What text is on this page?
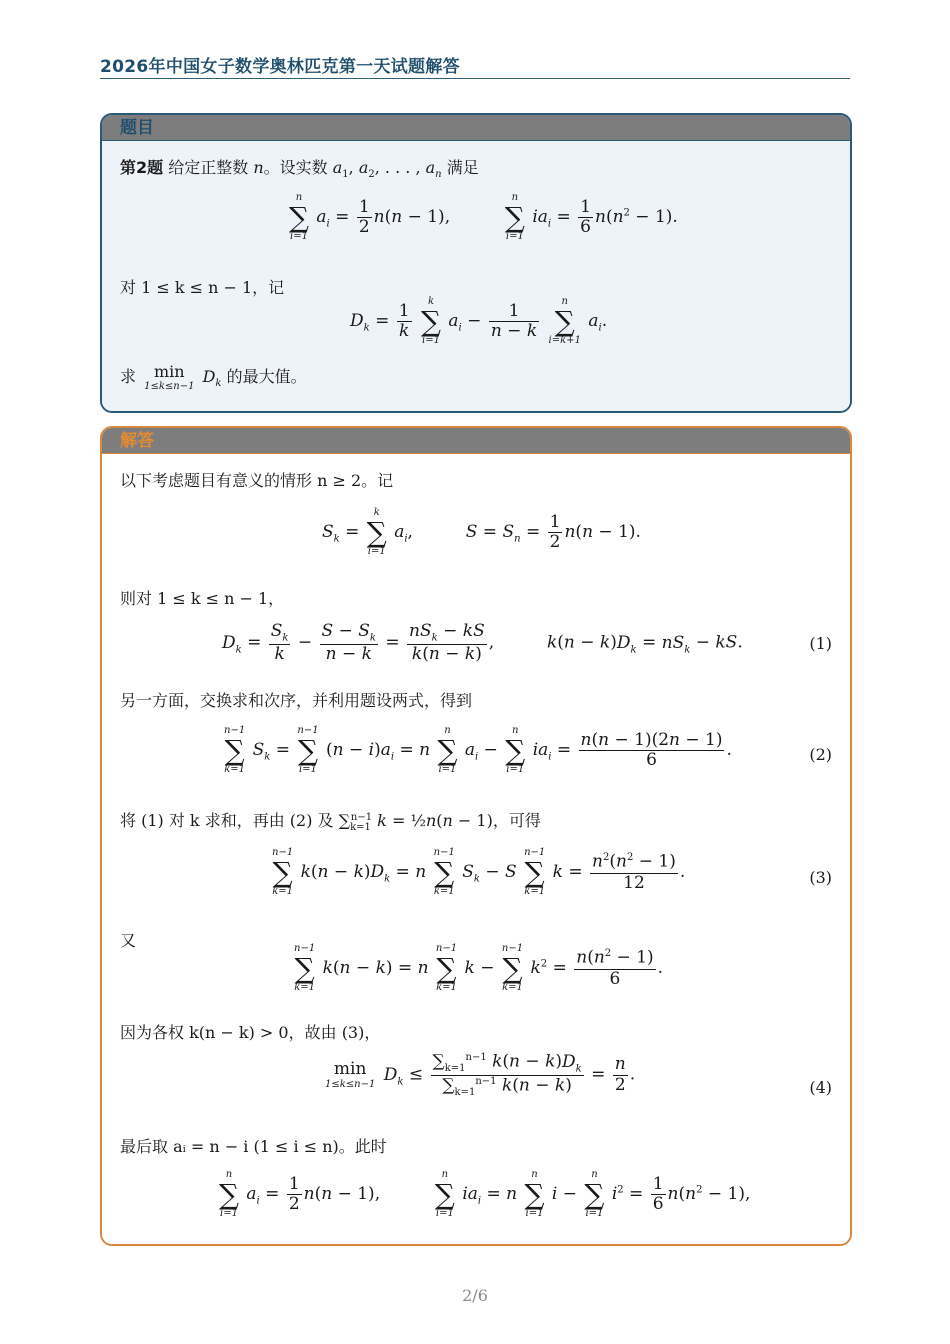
2026年中国女子数学奥林匹克第一天试题解答
题目
第2题 给定正整数 n。设实数 $a_1$, $a_2$, . . . , $a_n$ 满足
n
∑
i=1
$a_i = \frac{1}{2} n(n - 1)$,
n
∑
i=1
$ia_i = \frac{1}{6} n(n^2 - 1)$.
对 1 ≤ k ≤ n − 1，记
$D_k = \frac{1}{k}$

k
∑
i=1
$a_i - \frac{1}{n - k}$

n
∑
i=k+1
$a_i$.
求	min
1≤k≤n−1
$D_k$ 的最大值。
解答
以下考虑题目有意义的情形 n ≥ 2。记
$S_k$ =
k
∑
i=1
$a_i$,	$S = S_n = \frac{1}{2} n(n - 1)$.
则对 1 ≤ k ≤ n − 1，
$D_k = \frac{S_k}{k} - \frac{S - S_k}{n - k} = \frac{nS_k - kS}{k(n - k)}$ ,	$k(n - k)D_k = nS_k$ − kS.	(1)
另一方面，交换求和次序，并利用题设两式，得到
n−1
∑
k=1
$S_k$ =
n−1
∑
i=1
$(n - i)a_i = n$
n
∑
i=1
$a_i$ −
n
∑
i=1
$ia_i = \frac{n(n - 1)(2n - 1)}{6}$ .	(2)
将 (1) 对 k 求和，再由 (2) 及 $\sum_{k=1}^{n-1}$ k = ½n(n − 1)，可得
n−1
∑
k=1
$k(n - k)D_k = n$
n−1
∑
k=1
$S_k - S$
n−1
∑
k=1
$k = \frac{n^2(n^2 - 1)}{12}$ .	(3)
又	n−1
∑
k=1
k(n − k) = n
n−1
∑
k=1
k −
n−1
∑
k=1
$k^2 = \frac{n(n^2 - 1)}{6}$ .
因为各权 k(n − k) > 0，故由 (3)，
min
1≤k≤n−1 $D_k \le \frac{\sum_{k=1}^{n-1} k(n - k)D_k}{\sum_{k=1}^{n-1} k(n - k)} = \frac{n}{2}$ .
(4)
最后取 aᵢ = n − i (1 ≤ i ≤ n)。此时
n
∑
i=1
$a_i = \frac{1}{2} n(n - 1)$,
n
∑
i=1
$ia_i = n$
n
∑
i=1
i −
n
∑
i=1
$i^2 = \frac{1}{6} n(n^2 - 1)$,
2/6
